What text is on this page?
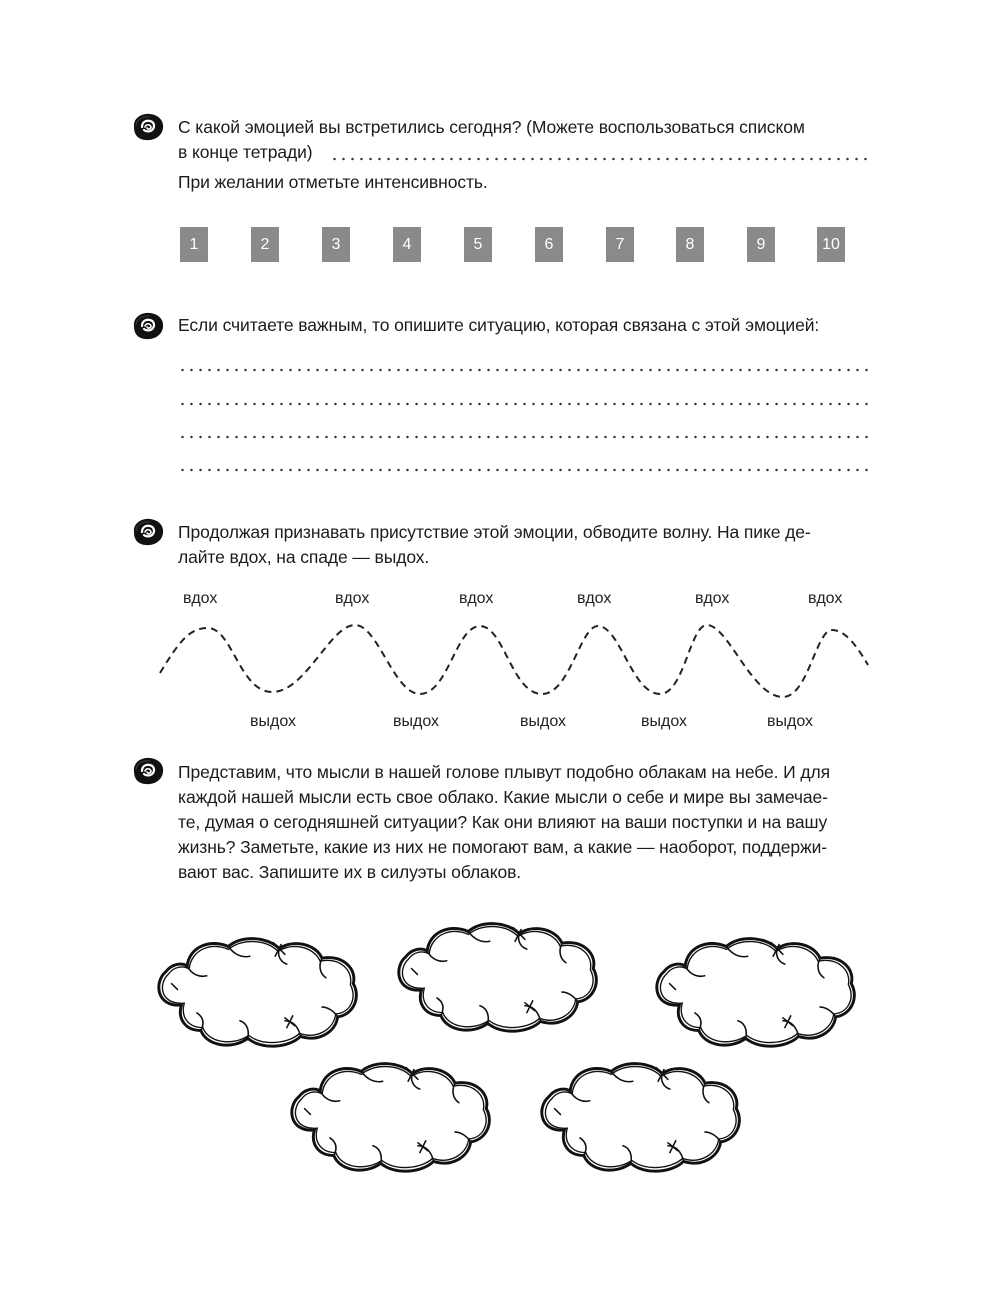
С какой эмоцией вы встретились сегодня? (Можете воспользоваться списком
в конце тетради)
При желании отметьте интенсивность.
1	2	3	4	5	6	7	8	9	10
Если считаете важным, то опишите ситуацию, которая связана с этой эмоцией:
Продолжая признавать присутствие этой эмоции, обводите волну. На пике де-
лайте вдох, на спаде — выдох.
вдох	вдох	вдох	вдох	вдох	вдох
выдох	выдох	выдох	выдох	выдох
Представим, что мысли в нашей голове плывут подобно облакам на небе. И для
каждой нашей мысли есть свое облако. Какие мысли о себе и мире вы замечае-
те, думая о сегодняшней ситуации? Как они влияют на ваши поступки и на вашу
жизнь? Заметьте, какие из них не помогают вам, а какие — наоборот, поддержи-
вают вас. Запишите их в силуэты облаков.
